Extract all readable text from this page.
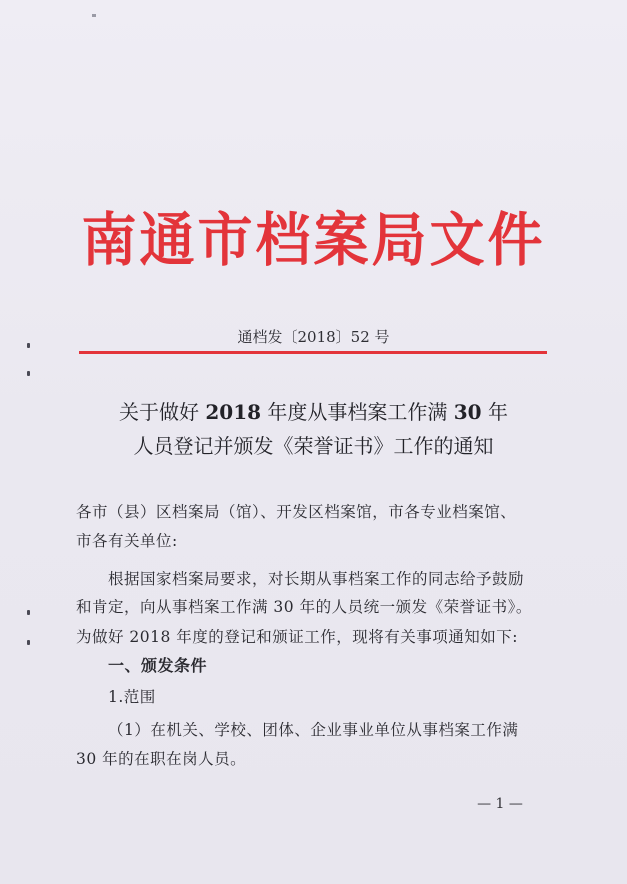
南通市档案局文件
通档发〔2018〕52 号
关于做好 2018 年度从事档案工作满 30 年
人员登记并颁发《荣誉证书》工作的通知
各市（县）区档案局（馆）、开发区档案馆，市各专业档案馆、
市各有关单位:
根据国家档案局要求，对长期从事档案工作的同志给予鼓励
和肯定，向从事档案工作满 30 年的人员统一颁发《荣誉证书》。
为做好 2018 年度的登记和颁证工作，现将有关事项通知如下:
一、颁发条件
1.范围
（1）在机关、学校、团体、企业事业单位从事档案工作满
30 年的在职在岗人员。
— 1 —
